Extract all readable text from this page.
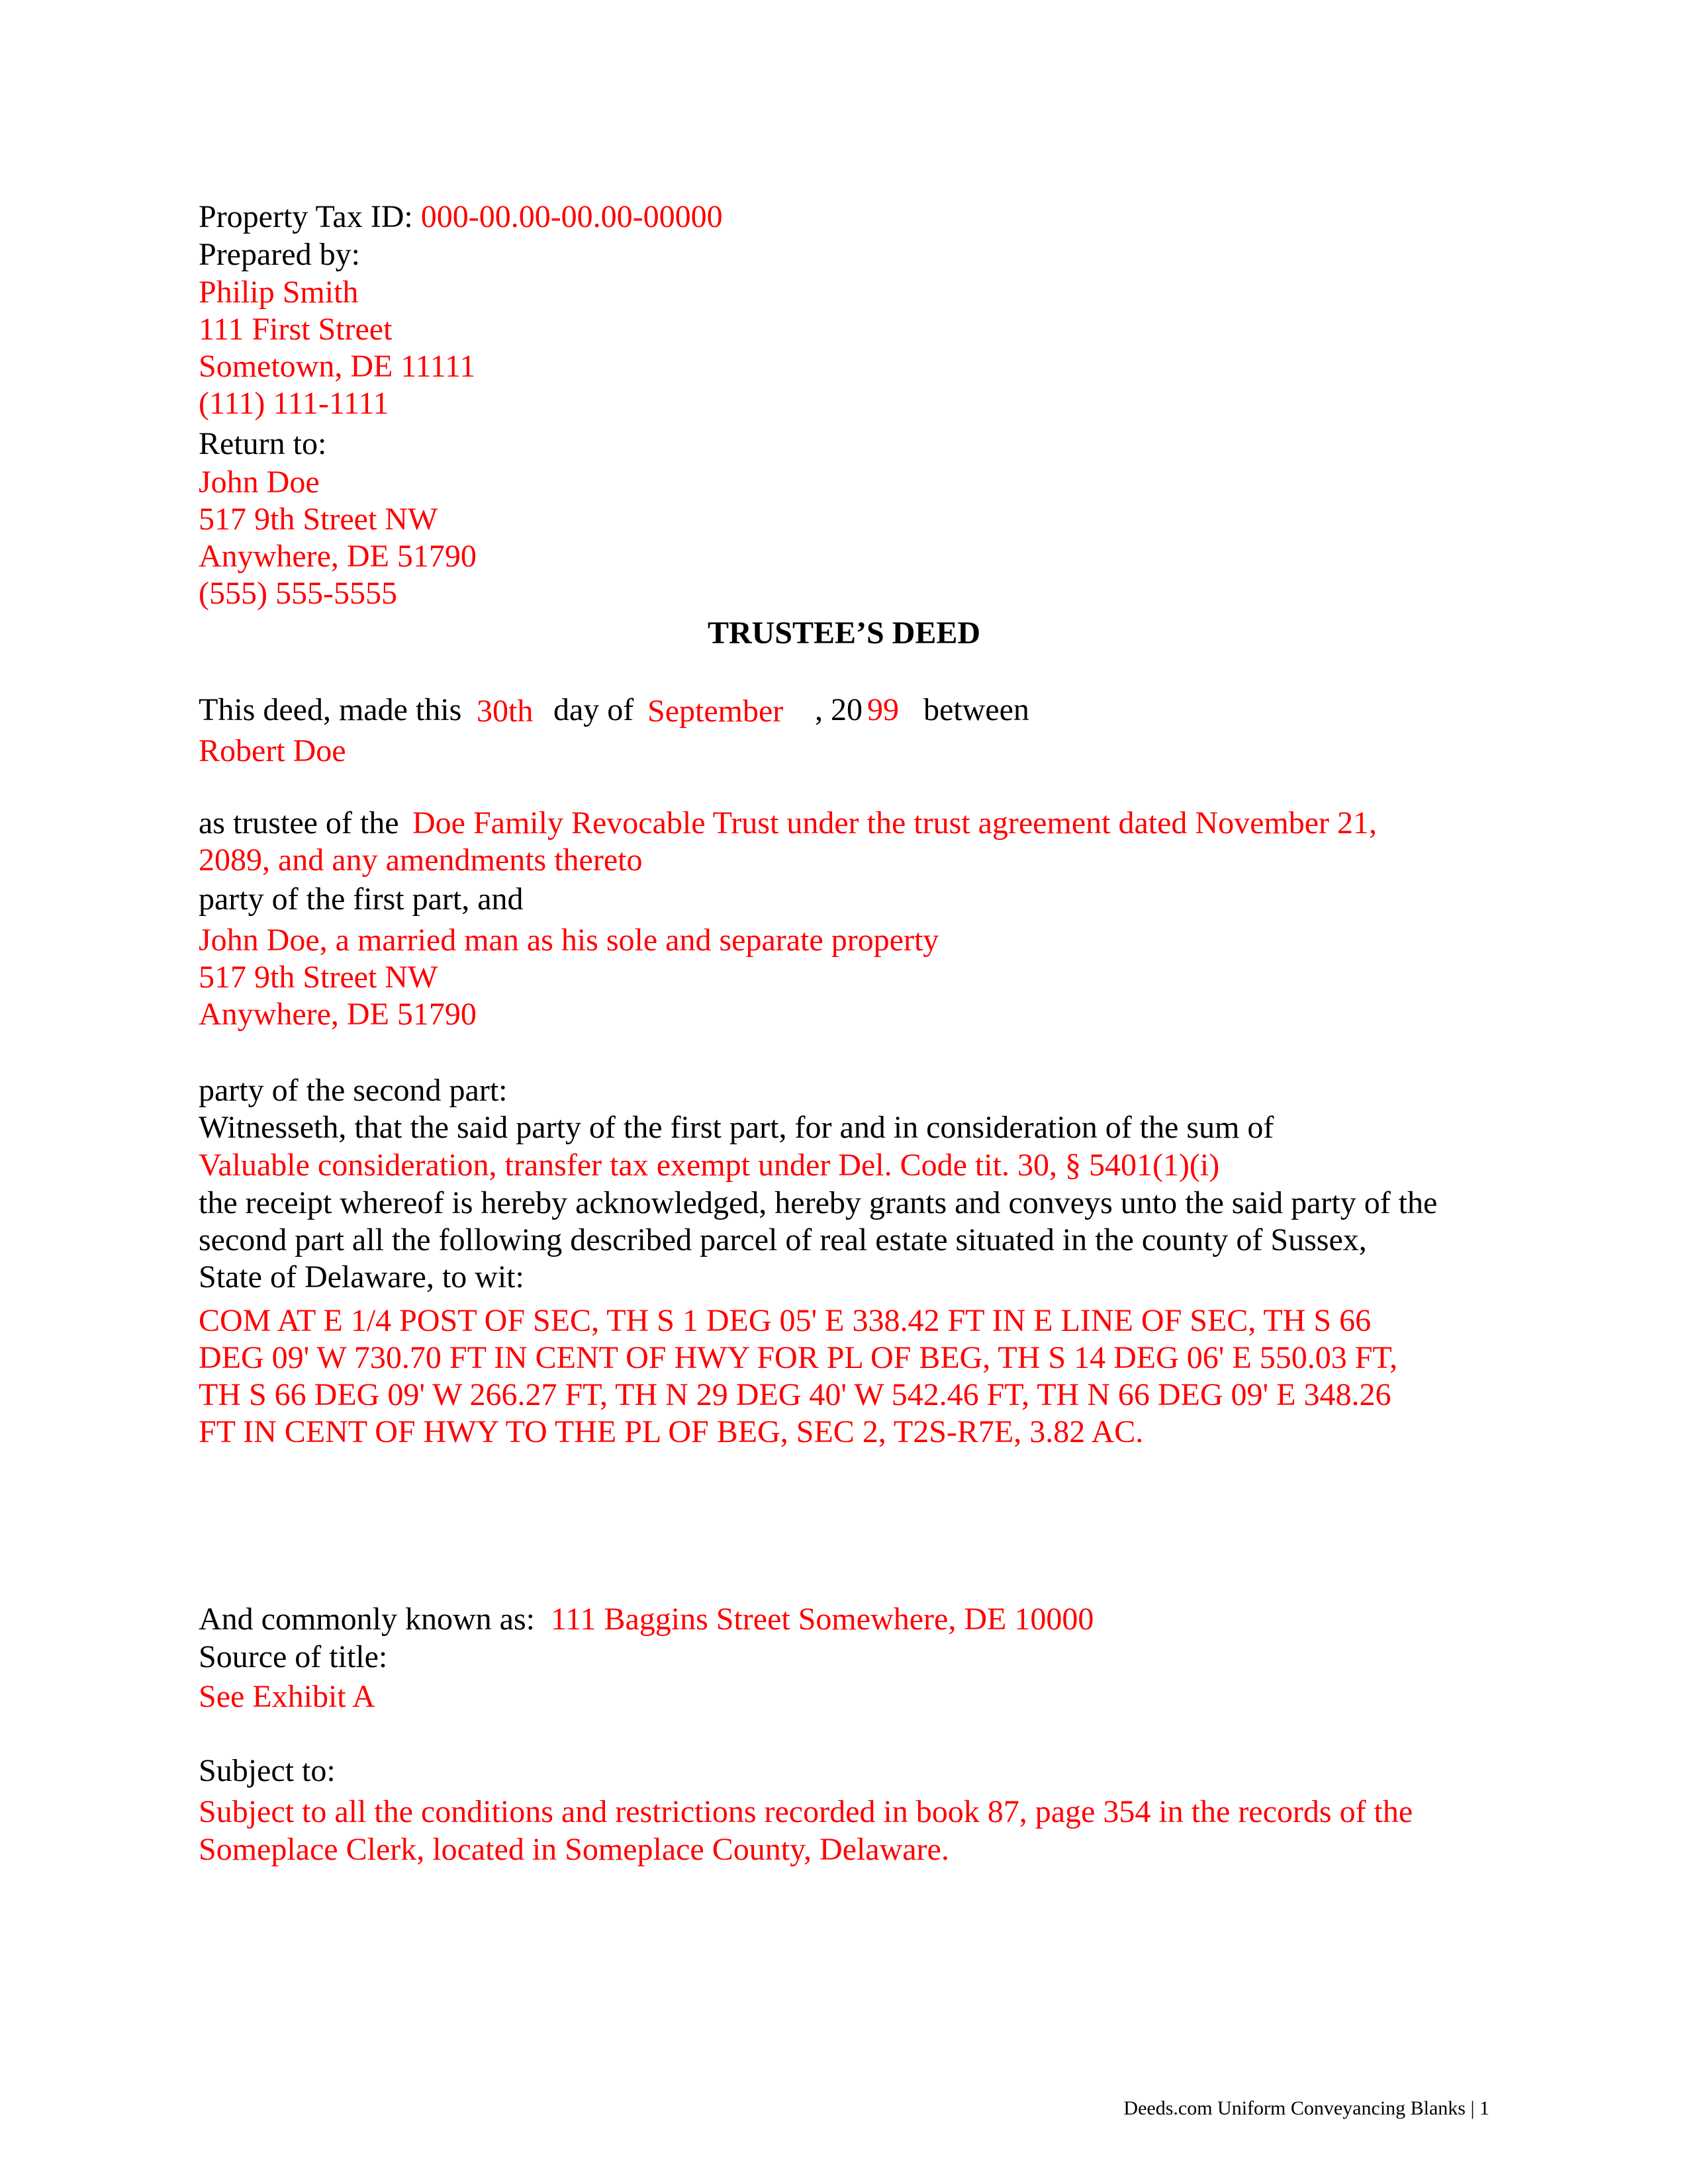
Property Tax ID: 000-00.00-00.00-00000
Prepared by:
Philip Smith
111 First Street
Sometown, DE 11111
(111) 111-1111
Return to:
John Doe
517 9th Street NW
Anywhere, DE 51790
(555) 555-5555
TRUSTEE’S DEED
This deed, made this 30th day of September , 20 99 between
Robert Doe
as trustee of the Doe Family Revocable Trust under the trust agreement dated November 21,
2089, and any amendments thereto
party of the first part, and
John Doe, a married man as his sole and separate property
517 9th Street NW
Anywhere, DE 51790
party of the second part:
Witnesseth, that the said party of the first part, for and in consideration of the sum of
Valuable consideration, transfer tax exempt under Del. Code tit. 30, § 5401(1)(i)
the receipt whereof is hereby acknowledged, hereby grants and conveys unto the said party of the
second part all the following described parcel of real estate situated in the county of Sussex,
State of Delaware, to wit:
COM AT E 1/4 POST OF SEC, TH S 1 DEG 05' E 338.42 FT IN E LINE OF SEC, TH S 66
DEG 09' W 730.70 FT IN CENT OF HWY FOR PL OF BEG, TH S 14 DEG 06' E 550.03 FT,
TH S 66 DEG 09' W 266.27 FT, TH N 29 DEG 40' W 542.46 FT, TH N 66 DEG 09' E 348.26
FT IN CENT OF HWY TO THE PL OF BEG, SEC 2, T2S-R7E, 3.82 AC.
And commonly known as: 111 Baggins Street Somewhere, DE 10000
Source of title:
See Exhibit A
Subject to:
Subject to all the conditions and restrictions recorded in book 87, page 354 in the records of the
Someplace Clerk, located in Someplace County, Delaware.
Deeds.com Uniform Conveyancing Blanks | 1
